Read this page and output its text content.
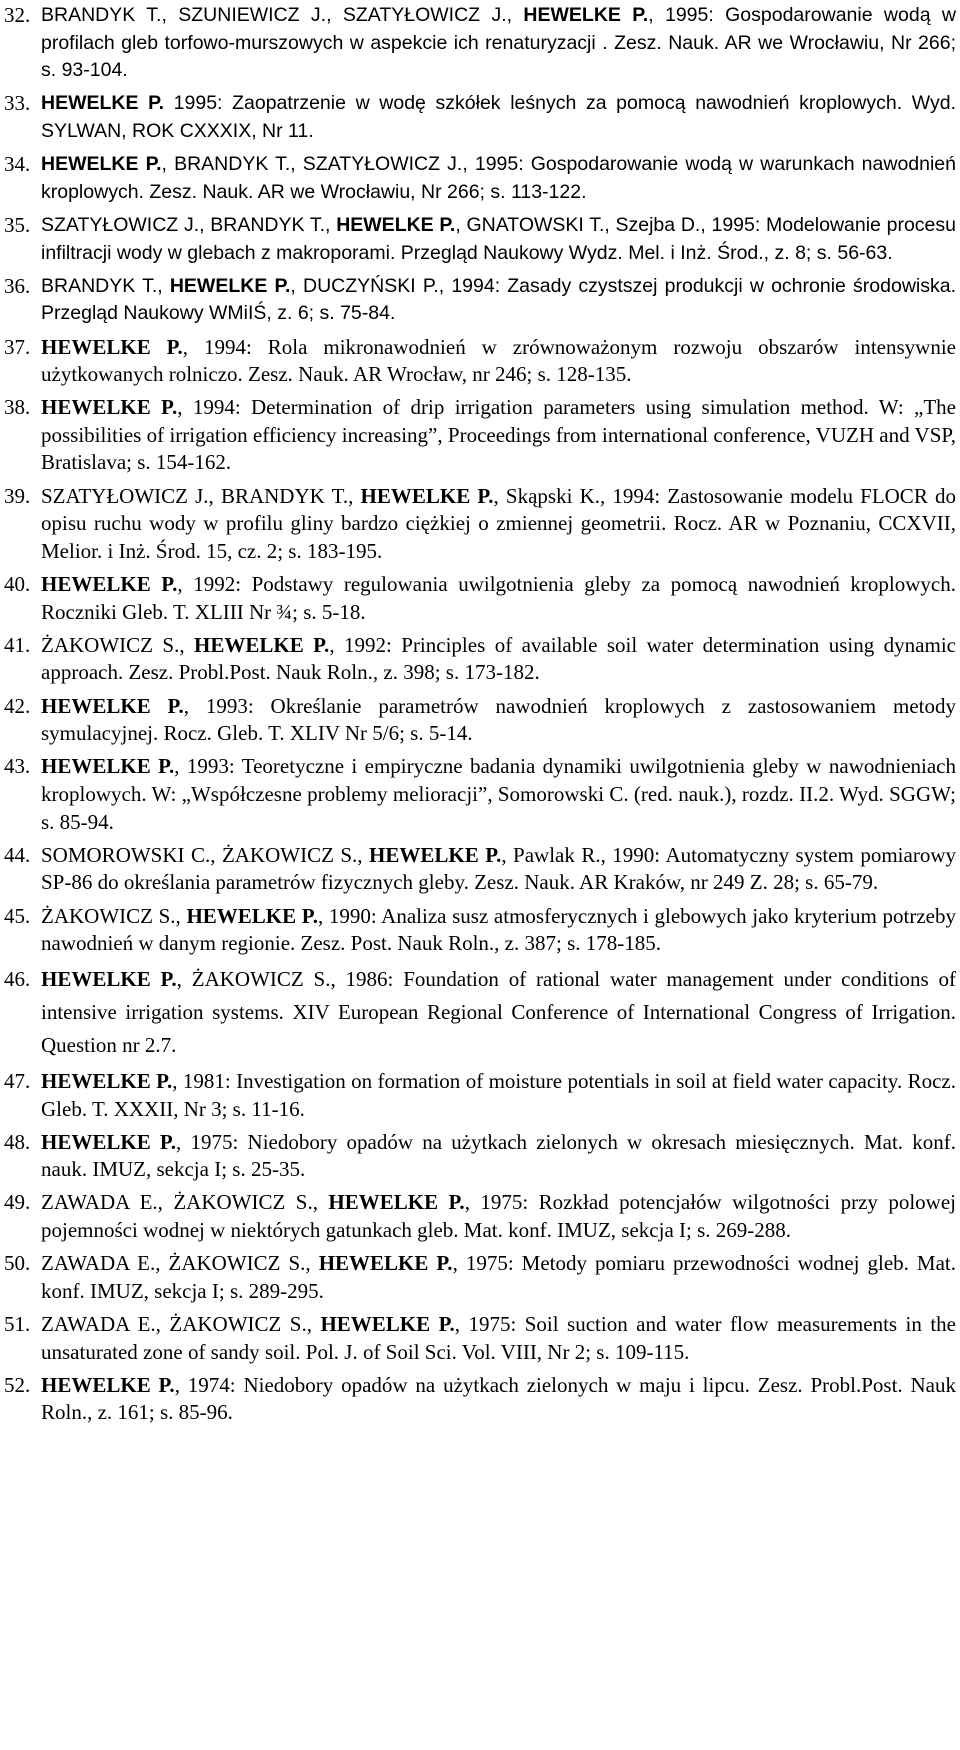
32. BRANDYK T., SZUNIEWICZ J., SZATYŁOWICZ J., HEWELKE P., 1995: Gospodarowanie wodą w profilach gleb torfowo-murszowych w aspekcie ich renaturyzacji . Zesz. Nauk. AR we Wrocławiu, Nr 266; s. 93-104.
33. HEWELKE P. 1995: Zaopatrzenie w wodę szkółek leśnych za pomocą nawodnień kroplowych. Wyd. SYLWAN, ROK CXXXIX, Nr 11.
34. HEWELKE P., BRANDYK T., SZATYŁOWICZ J., 1995: Gospodarowanie wodą w warunkach nawodnień kroplowych. Zesz. Nauk. AR we Wrocławiu, Nr 266; s. 113-122.
35. SZATYŁOWICZ J., BRANDYK T., HEWELKE P., GNATOWSKI T., Szejba D., 1995: Modelowanie procesu infiltracji wody w glebach z makroporami. Przegląd Naukowy Wydz. Mel. i Inż. Środ., z. 8; s. 56-63.
36. BRANDYK T., HEWELKE P., DUCZYŃSKI P., 1994: Zasady czystszej produkcji w ochronie środowiska. Przegląd Naukowy WMiIŚ, z. 6; s. 75-84.
37. HEWELKE P., 1994: Rola mikronawodnień w zrównoważonym rozwoju obszarów intensywnie użytkowanych rolniczo. Zesz. Nauk. AR Wrocław, nr 246; s. 128-135.
38. HEWELKE P., 1994: Determination of drip irrigation parameters using simulation method. W: „The possibilities of irrigation efficiency increasing”, Proceedings from international conference, VUZH and VSP, Bratislava; s. 154-162.
39. SZATYŁOWICZ J., BRANDYK T., HEWELKE P., Skąpski K., 1994: Zastosowanie modelu FLOCR do opisu ruchu wody w profilu gliny bardzo ciężkiej o zmiennej geometrii. Rocz. AR w Poznaniu, CCXVII, Melior. i Inż. Środ. 15, cz. 2; s. 183-195.
40. HEWELKE P., 1992: Podstawy regulowania uwilgotnienia gleby za pomocą nawodnień kroplowych. Roczniki Gleb. T. XLIII Nr ¾; s. 5-18.
41. ŻAKOWICZ S., HEWELKE P., 1992: Principles of available soil water determination using dynamic approach. Zesz. Probl.Post. Nauk Roln., z. 398; s. 173-182.
42. HEWELKE P., 1993: Określanie parametrów nawodnień kroplowych z zastosowaniem metody symulacyjnej. Rocz. Gleb. T. XLIV Nr 5/6; s. 5-14.
43. HEWELKE P., 1993: Teoretyczne i empiryczne badania dynamiki uwilgotnienia gleby w nawodnieniach kroplowych. W: „Współczesne problemy melioracji”, Somorowski C. (red. nauk.), rozdz. II.2. Wyd. SGGW; s. 85-94.
44. SOMOROWSKI C., ŻAKOWICZ S., HEWELKE P., Pawlak R., 1990: Automatyczny system pomiarowy SP-86 do określania parametrów fizycznych gleby. Zesz. Nauk. AR Kraków, nr 249 Z. 28; s. 65-79.
45. ŻAKOWICZ S., HEWELKE P., 1990: Analiza susz atmosferycznych i glebowych jako kryterium potrzeby nawodnień w danym regionie. Zesz. Post. Nauk Roln., z. 387; s. 178-185.
46. HEWELKE P., ŻAKOWICZ S., 1986: Foundation of rational water management under conditions of intensive irrigation systems. XIV European Regional Conference of International Congress of Irrigation. Question nr 2.7.
47. HEWELKE P., 1981: Investigation on formation of moisture potentials in soil at field water capacity. Rocz. Gleb. T. XXXII, Nr 3; s. 11-16.
48. HEWELKE P., 1975: Niedobory opadów na użytkach zielonych w okresach miesięcznych. Mat. konf. nauk. IMUZ, sekcja I; s. 25-35.
49. ZAWADA E., ŻAKOWICZ S., HEWELKE P., 1975: Rozkład potencjałów wilgotności przy polowej pojemności wodnej w niektórych gatunkach gleb. Mat. konf. IMUZ, sekcja I; s. 269-288.
50. ZAWADA E., ŻAKOWICZ S., HEWELKE P., 1975: Metody pomiaru przewodności wodnej gleb. Mat. konf. IMUZ, sekcja I; s. 289-295.
51. ZAWADA E., ŻAKOWICZ S., HEWELKE P., 1975: Soil suction and water flow measurements in the unsaturated zone of sandy soil. Pol. J. of Soil Sci. Vol. VIII, Nr 2; s. 109-115.
52. HEWELKE P., 1974: Niedobory opadów na użytkach zielonych w maju i lipcu. Zesz. Probl.Post. Nauk Roln., z. 161; s. 85-96.
